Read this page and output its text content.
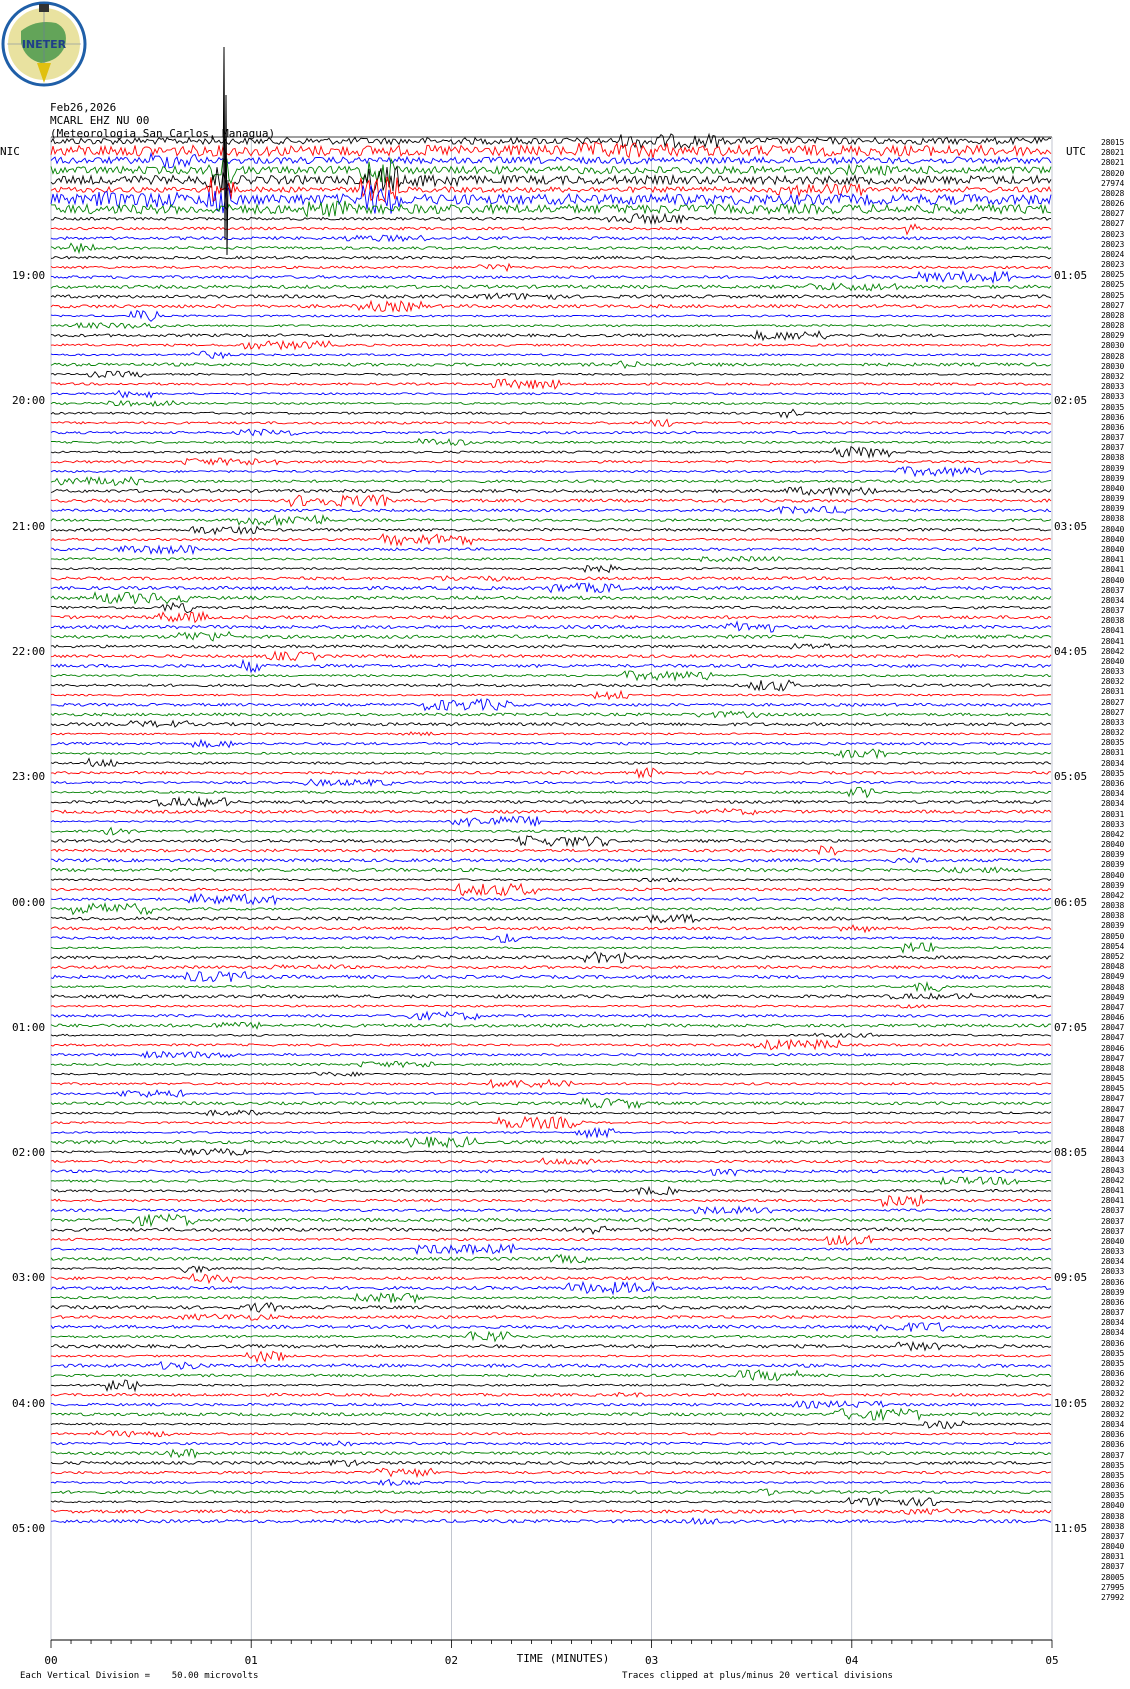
INETER
Feb26,2026
MCARL EHZ NU 00
(Meteorologia San Carlos, Managua)
NIC	UTC
19:00
20:00
21:00
22:00
23:00
00:00
01:00
02:00
03:00
04:00
05:00
01:05
02:05
03:05
04:05
05:05
06:05
07:05
08:05
09:05
10:05
11:05
28015
28021
28021
28020
27974
28028
28026
28027
28027
28023
28023
28024
28023
28025
28025
28025
28027
28028
28028
28029
28030
28028
28030
28032
28033
28033
28035
28036
28036
28037
28037
28038
28039
28039
28040
28039
28039
28038
28040
28040
28040
28041
28041
28040
28037
28034
28037
28038
28041
28041
28042
28040
28033
28032
28031
28027
28027
28033
28032
28035
28031
28034
28035
28036
28034
28034
28031
28033
28042
28040
28039
28039
28040
28039
28042
28038
28038
28039
28050
28054
28052
28048
28049
28048
28049
28047
28046
28047
28047
28046
28047
28048
28045
28045
28047
28047
28047
28048
28047
28044
28043
28043
28042
28041
28041
28037
28037
28037
28040
28033
28034
28033
28036
28039
28036
28037
28034
28034
28036
28035
28035
28036
28032
28032
28032
28032
28034
28036
28036
28037
28035
28035
28036
28035
28040
28038
28038
28037
28040
28031
28037
28005
27995
27992
00	01	02	03	04	05
TIME (MINUTES)
Each Vertical Division =    50.00 microvolts	Traces clipped at plus/minus 20 vertical divisions
